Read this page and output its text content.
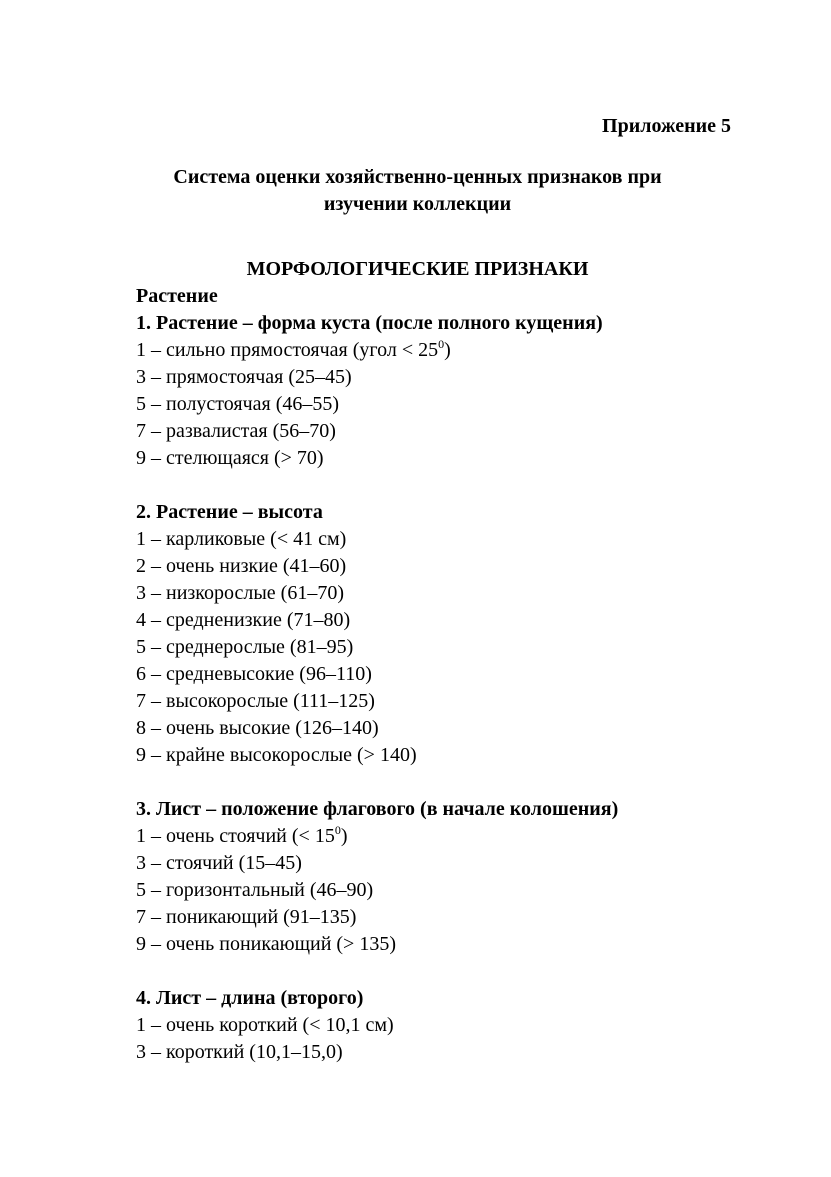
Приложение 5
Система оценки хозяйственно-ценных признаков при
изучении коллекции
МОРФОЛОГИЧЕСКИЕ ПРИЗНАКИ
Растение
1. Растение – форма куста (после полного кущения)
1 – сильно прямостоячая (угол < $25^0$)
3 – прямостоячая (25–45)
5 – полустоячая (46–55)
7 – развалистая (56–70)
9 – стелющаяся (> 70)
2. Растение – высота
1 – карликовые (< 41 см)
2 – очень низкие (41–60)
3 – низкорослые (61–70)
4 – средненизкие (71–80)
5 – среднерослые (81–95)
6 – средневысокие (96–110)
7 – высокорослые (111–125)
8 – очень высокие (126–140)
9 – крайне высокорослые (> 140)
3. Лист – положение флагового (в начале колошения)
1 – очень стоячий (< $15^0$)
3 – стоячий (15–45)
5 – горизонтальный (46–90)
7 – поникающий (91–135)
9 – очень поникающий (> 135)
4. Лист – длина (второго)
1 – очень короткий (< 10,1 см)
3 – короткий (10,1–15,0)
